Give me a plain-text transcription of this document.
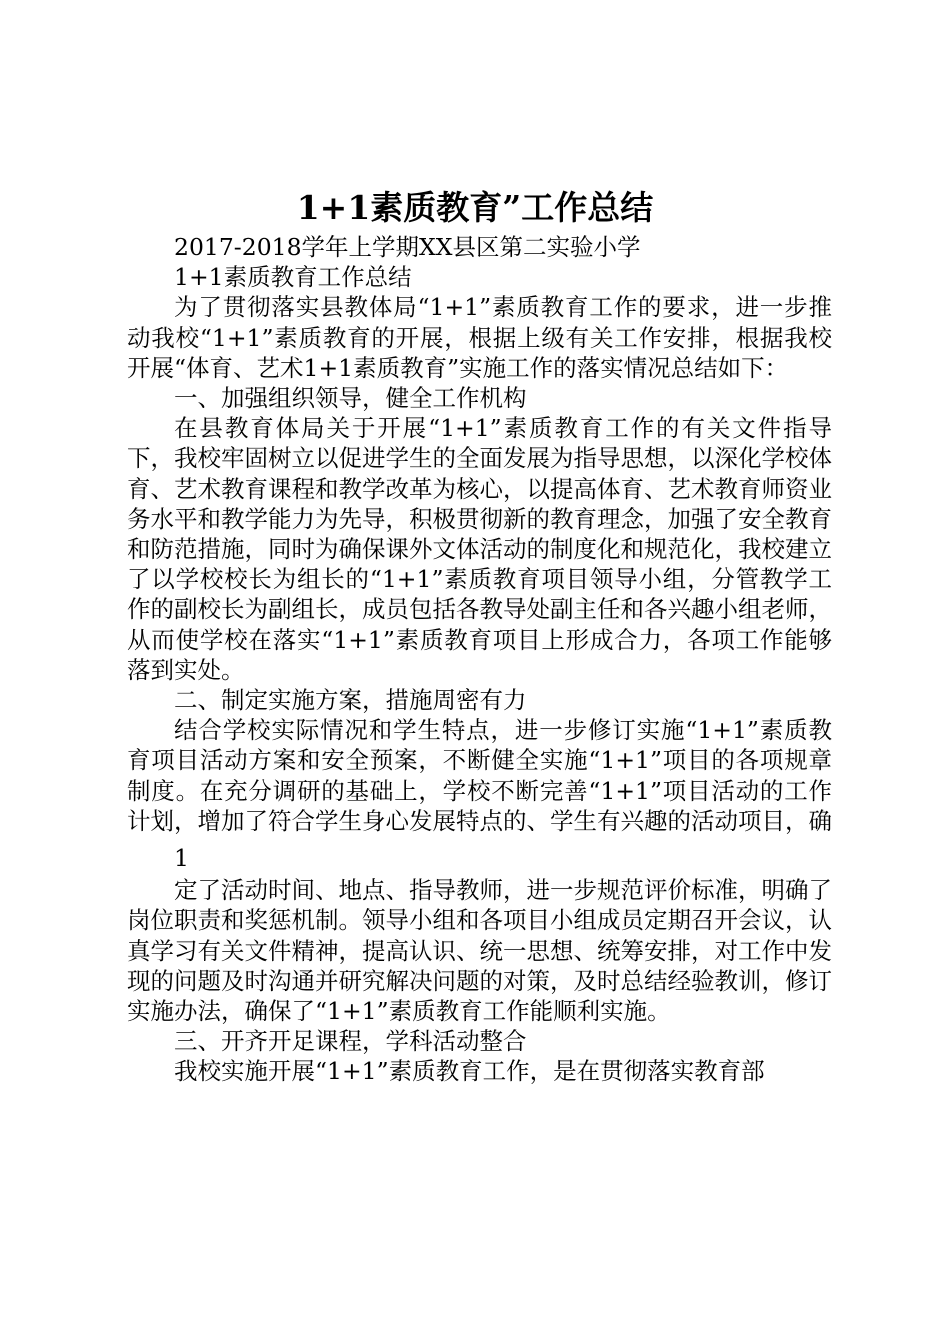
1+1素质教育”工作总结

2017-2018学年上学期XX县区第二实验小学

1+1素质教育工作总结

为了贯彻落实县教体局“1+1”素质教育工作的要求，进一步推动我校“1+1”素质教育的开展，根据上级有关工作安排，根据我校开展“体育、艺术1+1素质教育”实施工作的落实情况总结如下：

一、加强组织领导，健全工作机构

在县教育体局关于开展“1+1”素质教育工作的有关文件指导下，我校牢固树立以促进学生的全面发展为指导思想，以深化学校体育、艺术教育课程和教学改革为核心，以提高体育、艺术教育师资业务水平和教学能力为先导，积极贯彻新的教育理念，加强了安全教育和防范措施，同时为确保课外文体活动的制度化和规范化，我校建立了以学校校长为组长的“1+1”素质教育项目领导小组，分管教学工作的副校长为副组长，成员包括各教导处副主任和各兴趣小组老师，从而使学校在落实“1+1”素质教育项目上形成合力，各项工作能够落到实处。

二、制定实施方案，措施周密有力

结合学校实际情况和学生特点，进一步修订实施“1+1”素质教育项目活动方案和安全预案，不断健全实施“1+1”项目的各项规章制度。在充分调研的基础上，学校不断完善“1+1”项目活动的工作计划，增加了符合学生身心发展特点的、学生有兴趣的活动项目，确

1

定了活动时间、地点、指导教师，进一步规范评价标准，明确了岗位职责和奖惩机制。领导小组和各项目小组成员定期召开会议，认真学习有关文件精神，提高认识、统一思想、统筹安排，对工作中发现的问题及时沟通并研究解决问题的对策，及时总结经验教训，修订实施办法，确保了“1+1”素质教育工作能顺利实施。

三、开齐开足课程，学科活动整合

我校实施开展“1+1”素质教育工作，是在贯彻落实教育部
